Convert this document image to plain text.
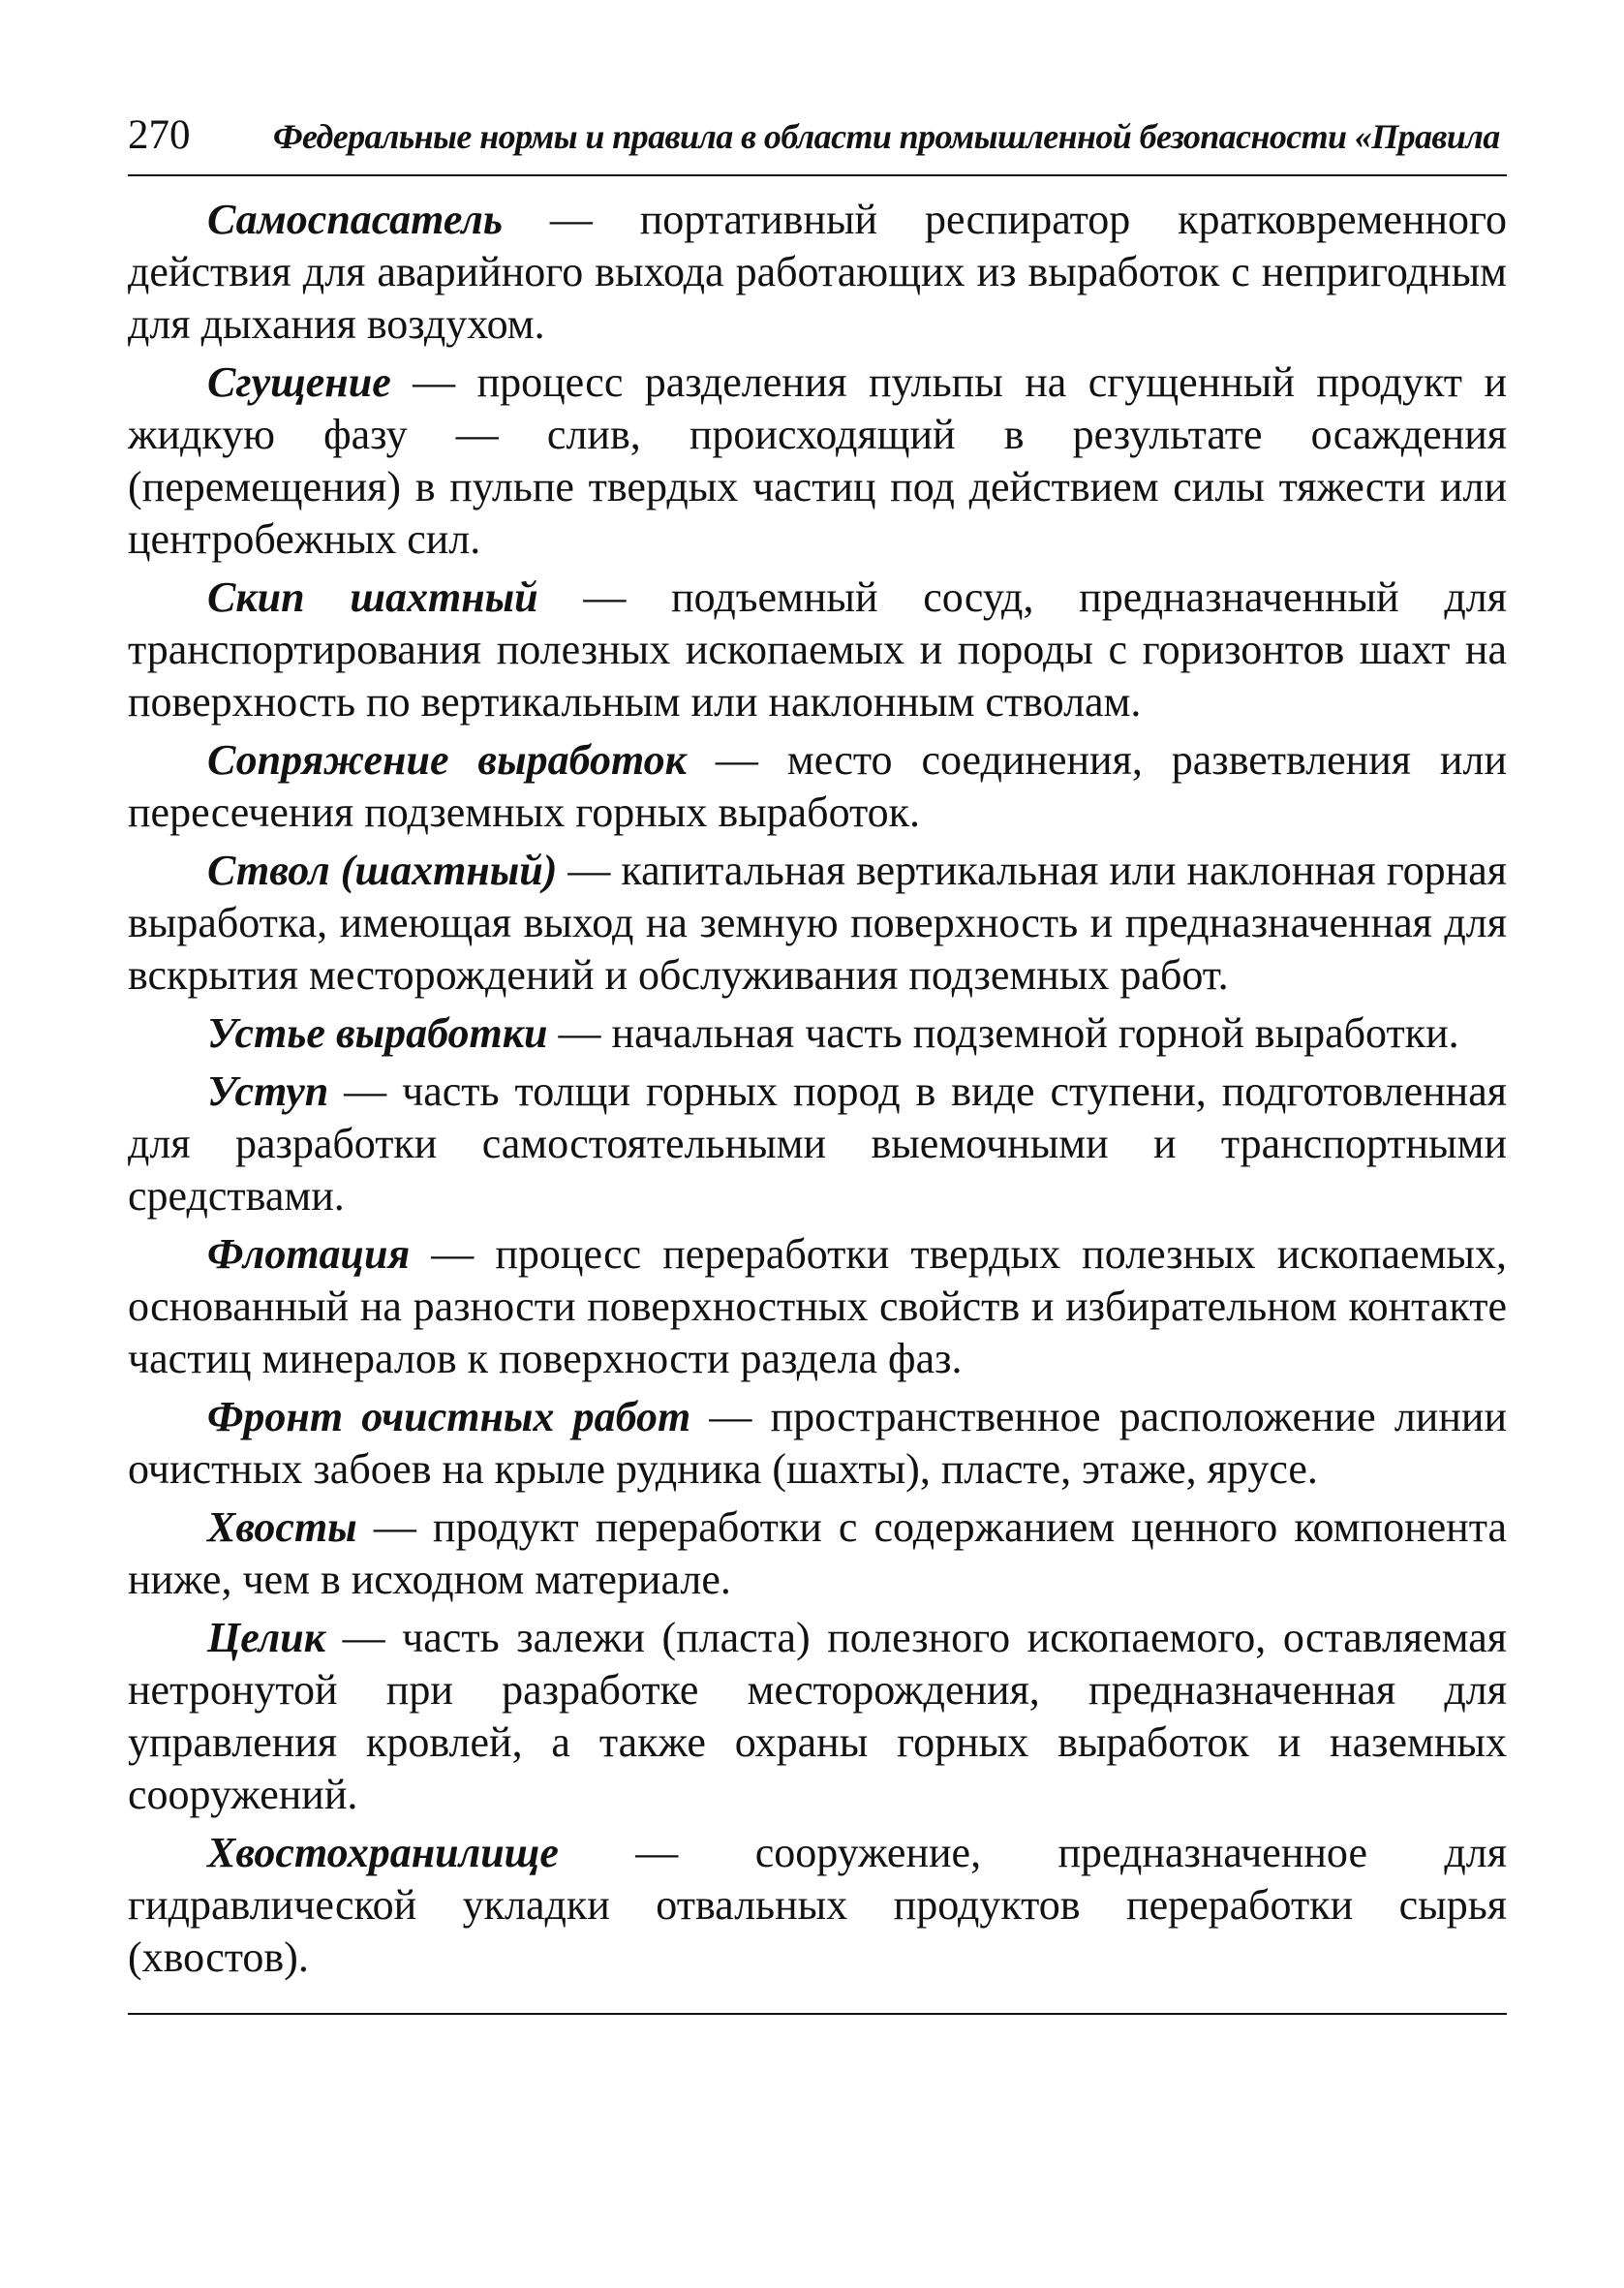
270	Федеральные нормы и правила в области промышленной безопасности «Правила

Самоспасатель — портативный респиратор кратковременного действия для аварийного выхода работающих из выработок с непригодным для дыхания воздухом.

Сгущение — процесс разделения пульпы на сгущенный продукт и жидкую фазу — слив, происходящий в результате осаждения (перемещения) в пульпе твердых частиц под действием силы тяжести или центробежных сил.

Скип шахтный — подъемный сосуд, предназначенный для транспортирования полезных ископаемых и породы с горизонтов шахт на поверхность по вертикальным или наклонным стволам.

Сопряжение выработок — место соединения, разветвления или пересечения подземных горных выработок.

Ствол (шахтный) — капитальная вертикальная или наклонная горная выработка, имеющая выход на земную поверхность и предназначенная для вскрытия месторождений и обслуживания подземных работ.

Устье выработки — начальная часть подземной горной выработки.

Уступ — часть толщи горных пород в виде ступени, подготовленная для разработки самостоятельными выемочными и транспортными средствами.

Флотация — процесс переработки твердых полезных ископаемых, основанный на разности поверхностных свойств и избирательном контакте частиц минералов к поверхности раздела фаз.

Фронт очистных работ — пространственное расположение линии очистных забоев на крыле рудника (шахты), пласте, этаже, ярусе.

Хвосты — продукт переработки с содержанием ценного компонента ниже, чем в исходном материале.

Целик — часть залежи (пласта) полезного ископаемого, оставляемая нетронутой при разработке месторождения, предназначенная для управления кровлей, а также охраны горных выработок и наземных сооружений.

Хвостохранилище — сооружение, предназначенное для гидравлической укладки отвальных продуктов переработки сырья (хвостов).
